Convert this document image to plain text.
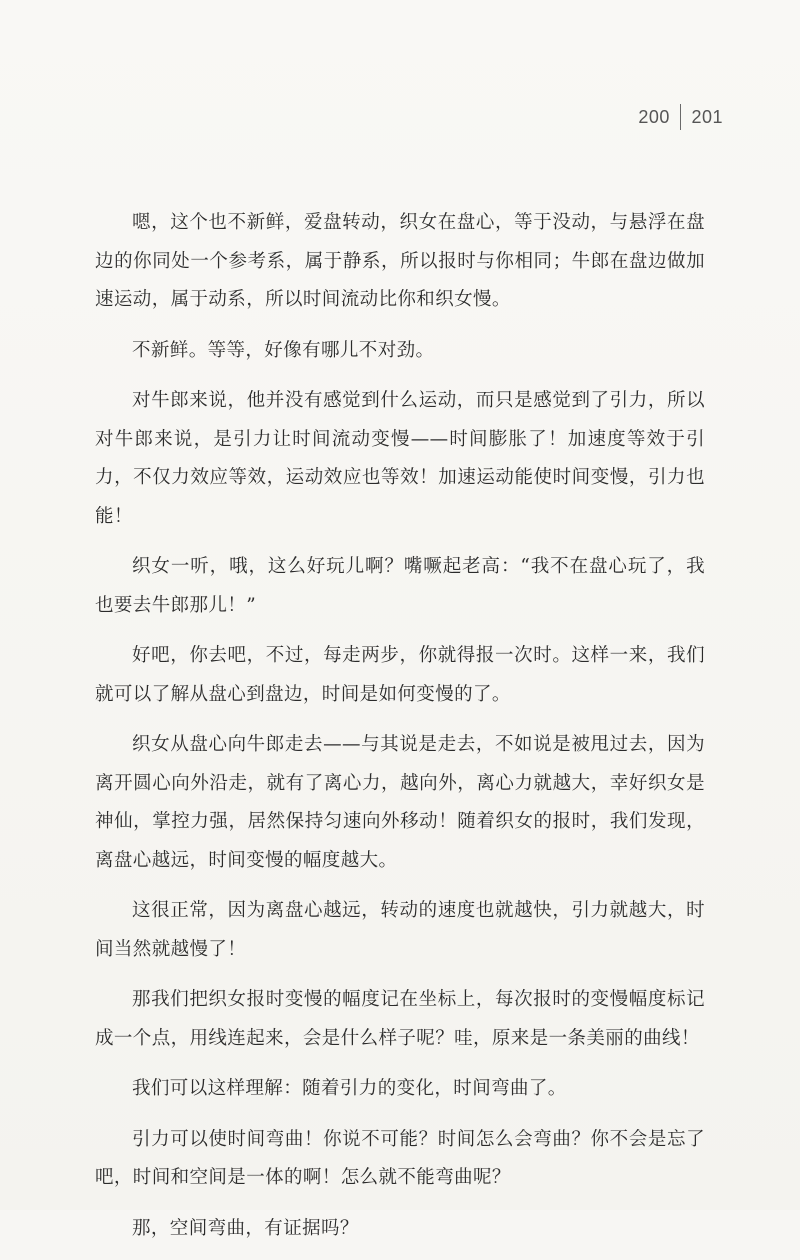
200 201

嗯，这个也不新鲜，爱盘转动，织女在盘心，等于没动，与悬浮在盘边的你同处一个参考系，属于静系，所以报时与你相同；牛郎在盘边做加速运动，属于动系，所以时间流动比你和织女慢。

不新鲜。等等，好像有哪儿不对劲。

对牛郎来说，他并没有感觉到什么运动，而只是感觉到了引力，所以对牛郎来说，是引力让时间流动变慢——时间膨胀了！加速度等效于引力，不仅力效应等效，运动效应也等效！加速运动能使时间变慢，引力也能！

织女一听，哦，这么好玩儿啊？嘴噘起老高：“我不在盘心玩了，我也要去牛郎那儿！”

好吧，你去吧，不过，每走两步，你就得报一次时。这样一来，我们就可以了解从盘心到盘边，时间是如何变慢的了。

织女从盘心向牛郎走去——与其说是走去，不如说是被甩过去，因为离开圆心向外沿走，就有了离心力，越向外，离心力就越大，幸好织女是神仙，掌控力强，居然保持匀速向外移动！随着织女的报时，我们发现，离盘心越远，时间变慢的幅度越大。

这很正常，因为离盘心越远，转动的速度也就越快，引力就越大，时间当然就越慢了！

那我们把织女报时变慢的幅度记在坐标上，每次报时的变慢幅度标记成一个点，用线连起来，会是什么样子呢？哇，原来是一条美丽的曲线！

我们可以这样理解：随着引力的变化，时间弯曲了。

引力可以使时间弯曲！你说不可能？时间怎么会弯曲？你不会是忘了吧，时间和空间是一体的啊！怎么就不能弯曲呢？

那，空间弯曲，有证据吗？
